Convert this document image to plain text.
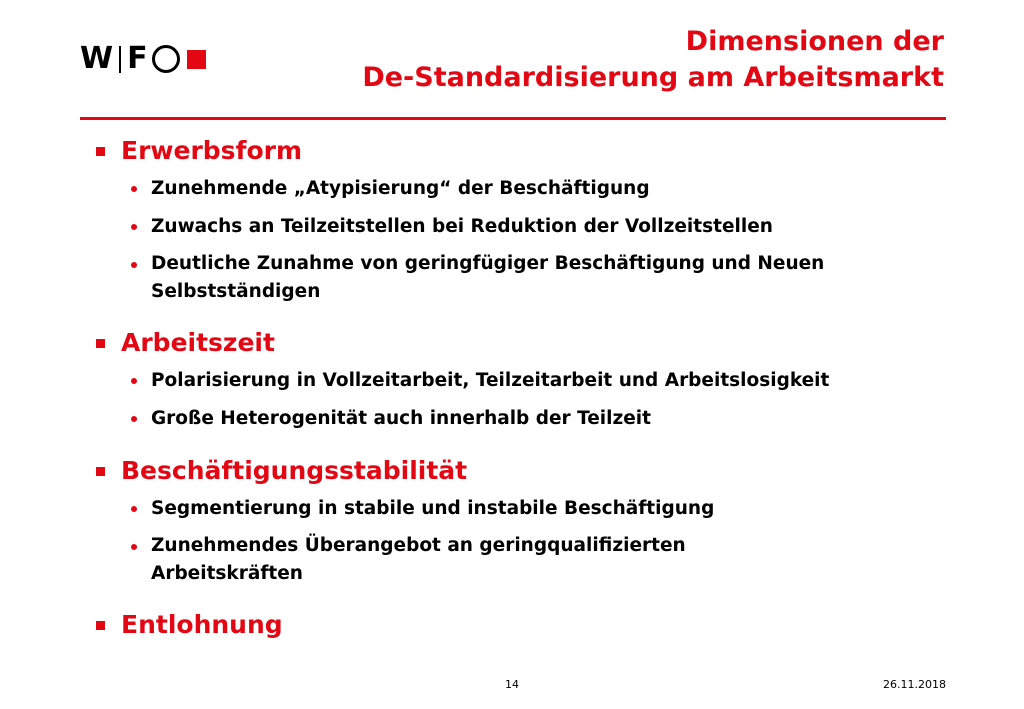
W F	Dimensionen der
De-Standardisierung am Arbeitsmarkt
Erwerbsform
Zunehmende „Atypisierung“ der Beschäftigung
Zuwachs an Teilzeitstellen bei Reduktion der Vollzeitstellen
Deutliche Zunahme von geringfügiger Beschäftigung und Neuen Selbstständigen
Arbeitszeit
Polarisierung in Vollzeitarbeit, Teilzeitarbeit und Arbeitslosigkeit
Große Heterogenität auch innerhalb der Teilzeit
Beschäftigungsstabilität
Segmentierung in stabile und instabile Beschäftigung
Zunehmendes Überangebot an geringqualifizierten Arbeitskräften
Entlohnung
14	26.11.2018
